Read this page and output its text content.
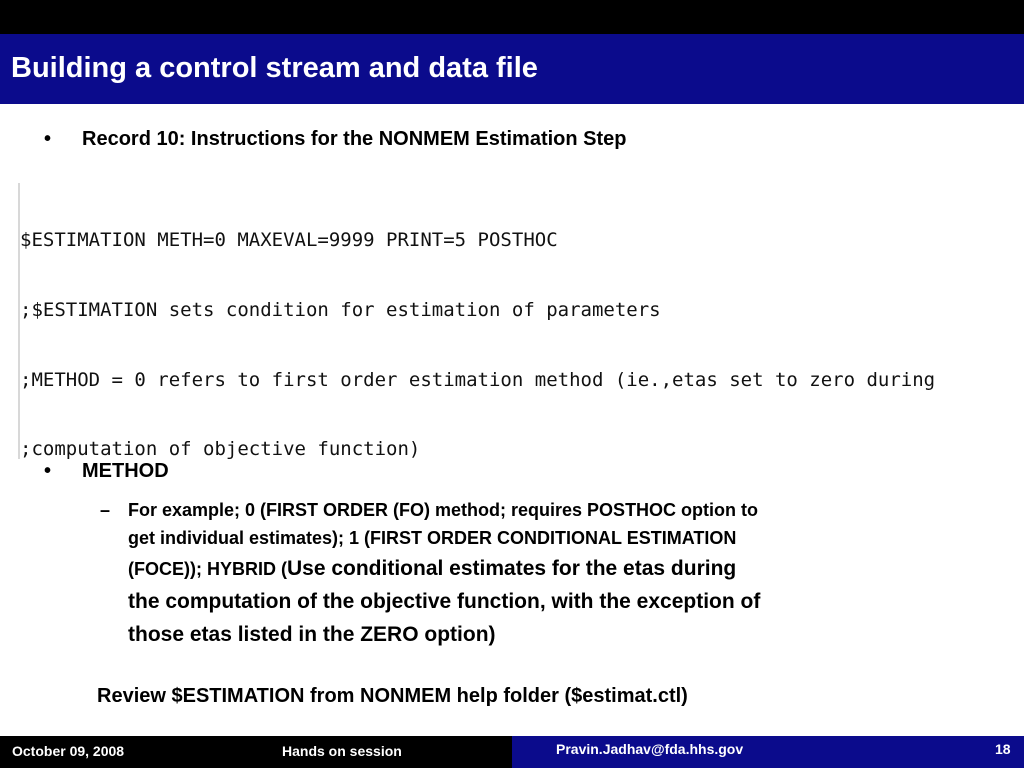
Building a control stream and data file
•	Record 10: Instructions for the NONMEM Estimation Step

$ESTIMATION METH=0 MAXEVAL=9999 PRINT=5 POSTHOC

;$ESTIMATION sets condition for estimation of parameters

;METHOD = 0 refers to first order estimation method (ie.,etas set to zero during

;computation of objective function)

•	METHOD
– For example; 0 (FIRST ORDER (FO) method; requires POSTHOC option to
get individual estimates); 1 (FIRST ORDER CONDITIONAL ESTIMATION
(FOCE)); HYBRID (Use conditional estimates for the etas during
the computation of the objective function, with the exception of
those etas listed in the ZERO option)
Review $ESTIMATION from NONMEM help folder ($estimat.ctl)
October 09, 2008	Hands on session	Pravin.Jadhav@fda.hhs.gov	18
